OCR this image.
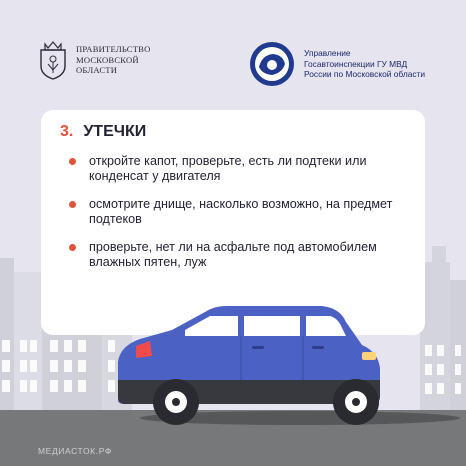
ПРАВИТЕЛЬСТВО
МОСКОВСКОЙ
ОБЛАСТИ
Управление
Госавтоинспекции ГУ МВД
России по Московской области
3. УТЕЧКИ
откройте капот, проверьте, есть ли подтеки или конденсат у двигателя
осмотрите днище, насколько возможно, на предмет подтеков
проверьте, нет ли на асфальте под автомобилем влажных пятен, луж
МЕДИАСТОК.РФ
